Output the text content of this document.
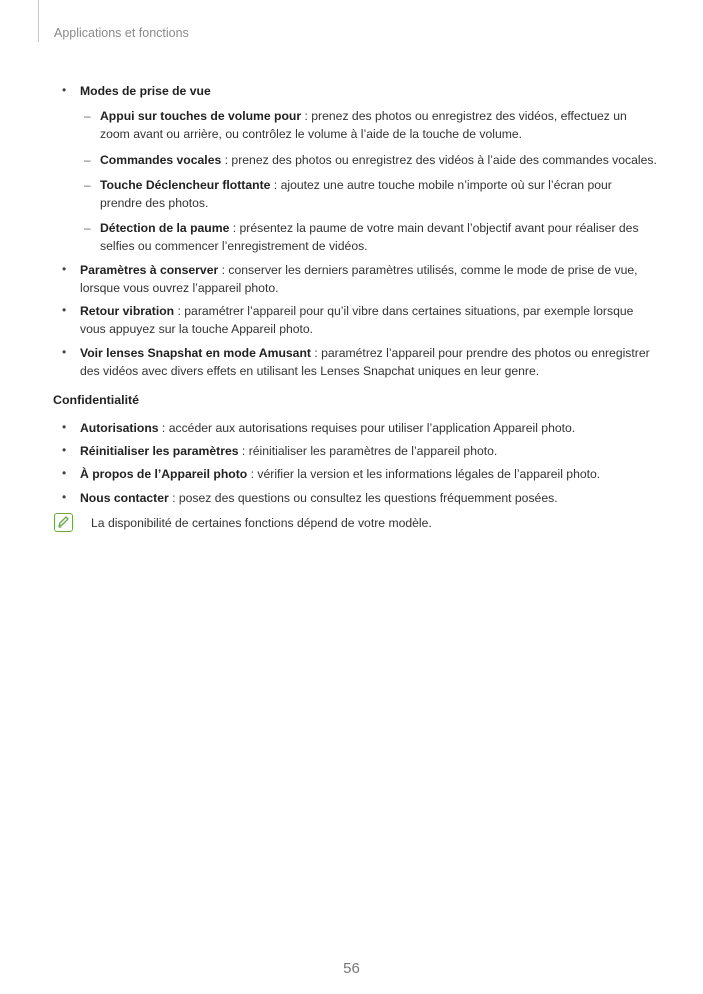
Applications et fonctions
• Modes de prise de vue
– Appui sur touches de volume pour : prenez des photos ou enregistrez des vidéos, effectuez un
zoom avant ou arrière, ou contrôlez le volume à l’aide de la touche de volume.
– Commandes vocales : prenez des photos ou enregistrez des vidéos à l’aide des commandes vocales.
– Touche Déclencheur flottante : ajoutez une autre touche mobile n’importe où sur l’écran pour
prendre des photos.
– Détection de la paume : présentez la paume de votre main devant l’objectif avant pour réaliser des
selfies ou commencer l’enregistrement de vidéos.
• Paramètres à conserver : conserver les derniers paramètres utilisés, comme le mode de prise de vue,
lorsque vous ouvrez l’appareil photo.
• Retour vibration : paramétrer l’appareil pour qu’il vibre dans certaines situations, par exemple lorsque
vous appuyez sur la touche Appareil photo.
• Voir lenses Snapshat en mode Amusant : paramétrez l’appareil pour prendre des photos ou enregistrer
des vidéos avec divers effets en utilisant les Lenses Snapchat uniques en leur genre.
Confidentialité
• Autorisations : accéder aux autorisations requises pour utiliser l’application Appareil photo.
• Réinitialiser les paramètres : réinitialiser les paramètres de l’appareil photo.
• À propos de l’Appareil photo : vérifier la version et les informations légales de l’appareil photo.
• Nous contacter : posez des questions ou consultez les questions fréquemment posées.
La disponibilité de certaines fonctions dépend de votre modèle.
56
